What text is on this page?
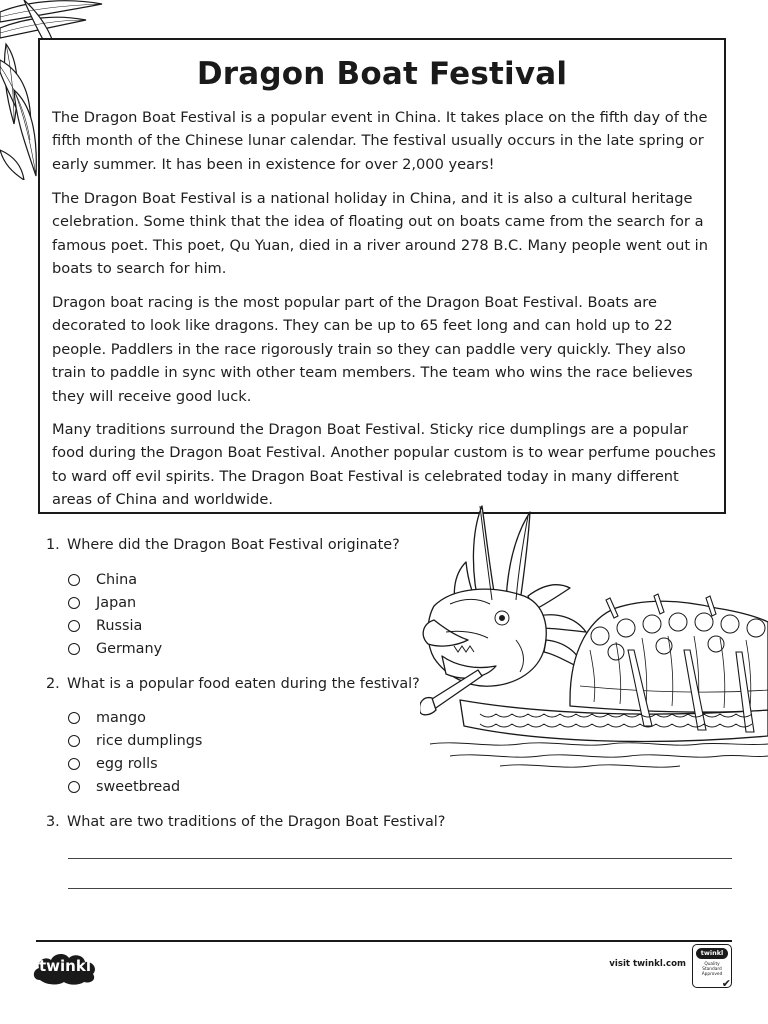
Dragon Boat Festival

The Dragon Boat Festival is a popular event in China. It takes place on the fifth day of the fifth month of the Chinese lunar calendar. The festival usually occurs in the late spring or early summer. It has been in existence for over 2,000 years!

The Dragon Boat Festival is a national holiday in China, and it is also a cultural heritage celebration. Some think that the idea of floating out on boats came from the search for a famous poet. This poet, Qu Yuan, died in a river around 278 B.C. Many people went out in boats to search for him.

Dragon boat racing is the most popular part of the Dragon Boat Festival. Boats are decorated to look like dragons. They can be up to 65 feet long and can hold up to 22 people. Paddlers in the race rigorously train so they can paddle very quickly. They also train to paddle in sync with other team members. The team who wins the race believes they will receive good luck.

Many traditions surround the Dragon Boat Festival. Sticky rice dumplings are a popular food during the Dragon Boat Festival. Another popular custom is to wear perfume pouches to ward off evil spirits. The Dragon Boat Festival is celebrated today in many different areas of China and worldwide.

1. Where did the Dragon Boat Festival originate?
China
Japan
Russia
Germany
2. What is a popular food eaten during the festival?
mango
rice dumplings
egg rolls
sweetbread
3. What are two traditions of the Dragon Boat Festival?
twinkl	visit twinkl.com
twinkl
Quality Standard
Approved
✔
